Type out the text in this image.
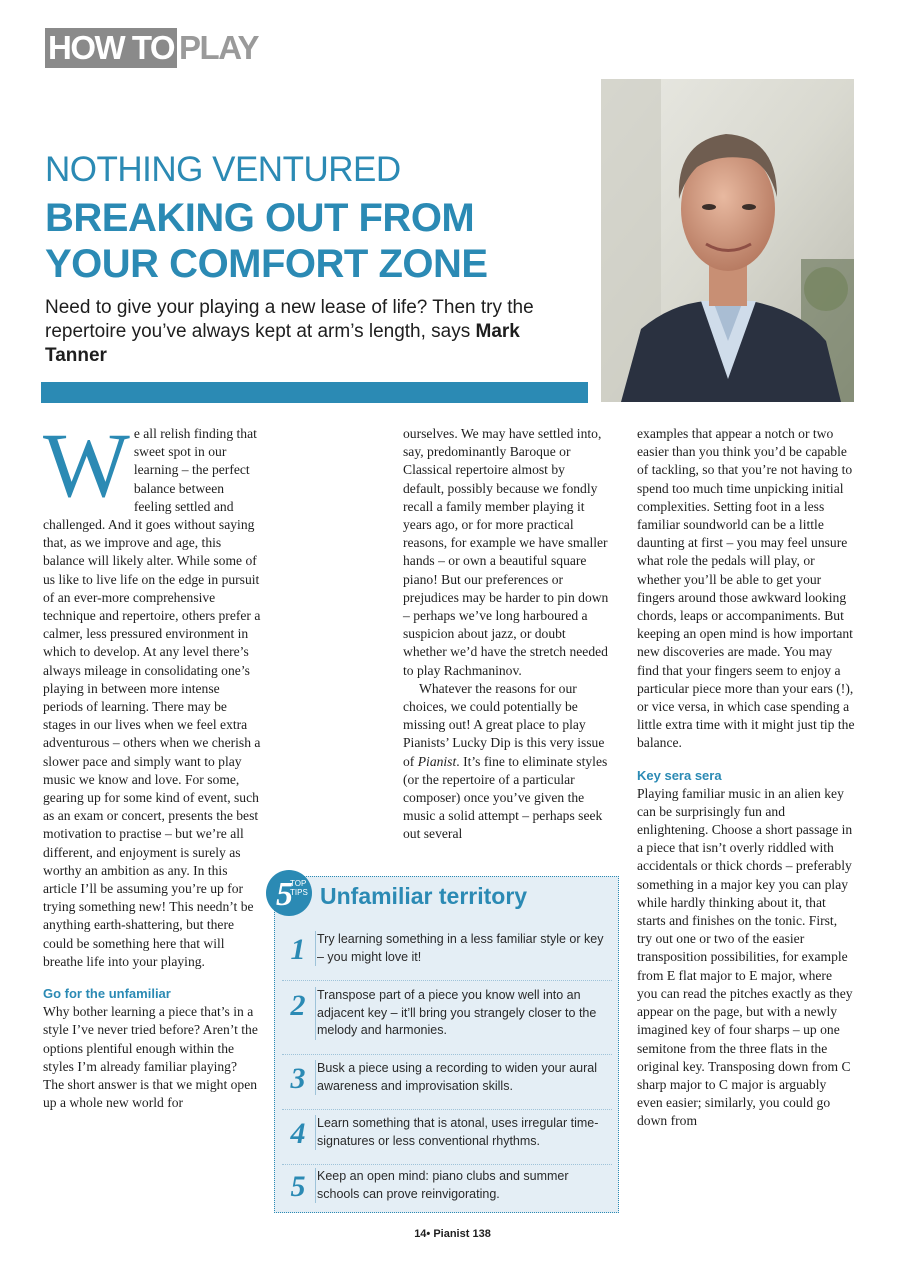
HOW TO PLAY
NOTHING VENTURED
BREAKING OUT FROM
YOUR COMFORT ZONE
Need to give your playing a new lease of life? Then try the repertoire you’ve always kept at arm’s length, says Mark Tanner

We all relish finding that sweet spot in our learning – the perfect balance between feeling settled and challenged. And it goes without saying that, as we improve and age, this balance will likely alter. While some of us like to live life on the edge in pursuit of an ever-more comprehensive technique and repertoire, others prefer a calmer, less pressured environment in which to develop. At any level there’s always mileage in consolidating one’s playing in between more intense periods of learning. There may be stages in our lives when we feel extra adventurous – others when we cherish a slower pace and simply want to play music we know and love. For some, gearing up for some kind of event, such as an exam or concert, presents the best motivation to practise – but we’re all different, and enjoyment is surely as worthy an ambition as any. In this article I’ll be assuming you’re up for trying something new! This needn’t be anything earth-shattering, but there could be something here that will breathe life into your playing.

Go for the unfamiliar

Why bother learning a piece that’s in a style I’ve never tried before? Aren’t the options plentiful enough within the styles I’m already familiar playing? The short answer is that we might open up a whole new world for

ourselves. We may have settled into, say, predominantly Baroque or Classical repertoire almost by default, possibly because we fondly recall a family member playing it years ago, or for more practical reasons, for example we have smaller hands – or own a beautiful square piano! But our preferences or prejudices may be harder to pin down – perhaps we’ve long harboured a suspicion about jazz, or doubt whether we’d have the stretch needed to play Rachmaninov.

Whatever the reasons for our choices, we could potentially be missing out! A great place to play Pianists’ Lucky Dip is this very issue of Pianist. It’s fine to eliminate styles (or the repertoire of a particular composer) once you’ve given the music a solid attempt – perhaps seek out several

examples that appear a notch or two easier than you think you’d be capable of tackling, so that you’re not having to spend too much time unpicking initial complexities. Setting foot in a less familiar soundworld can be a little daunting at first – you may feel unsure what role the pedals will play, or whether you’ll be able to get your fingers around those awkward looking chords, leaps or accompaniments. But keeping an open mind is how important new discoveries are made. You may find that your fingers seem to enjoy a particular piece more than your ears (!), or vice versa, in which case spending a little extra time with it might just tip the balance.

Key sera sera

Playing familiar music in an alien key can be surprisingly fun and enlightening. Choose a short passage in a piece that isn’t overly riddled with accidentals or thick chords – preferably something in a major key you can play while hardly thinking about it, that starts and finishes on the tonic. First, try out one or two of the easier transposition possibilities, for example from E flat major to E major, where you can read the pitches exactly as they appear on the page, but with a newly imagined key of four sharps – up one semitone from the three flats in the original key. Transposing down from C sharp major to C major is arguably even easier; similarly, you could go down from

5
TOP
TIPS Unfamiliar territory
1 Try learning something in a less familiar style or key – you might love it!
2 Transpose part of a piece you know well into an adjacent key – it’ll bring you strangely closer to the melody and harmonies.
3 Busk a piece using a recording to widen your aural awareness and improvisation skills.
4 Learn something that is atonal, uses irregular time-signatures or less conventional rhythms.
5 Keep an open mind: piano clubs and summer schools can prove reinvigorating.
14• Pianist 138
